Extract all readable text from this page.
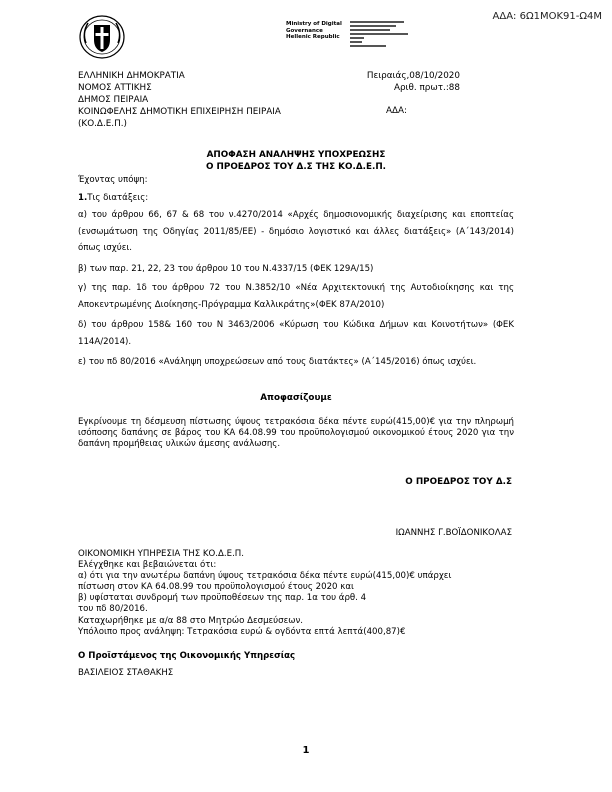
ΑΔΑ: 6Ω1ΜΟΚ91-Ω4Μ
Ministry of Digital
Governance
Hellenic Republic
ΕΛΛΗΝΙΚΗ ΔΗΜΟΚΡΑΤΙΑ
ΝΟΜΟΣ ΑΤΤΙΚΗΣ
ΔΗΜΟΣ ΠΕΙΡΑΙΑ
ΚΟΙΝΩΦΕΛΗΣ ΔΗΜΟΤΙΚΗ ΕΠΙΧΕΙΡΗΣΗ ΠΕΙΡΑΙΑ
(ΚΟ.Δ.Ε.Π.)
Πειραιάς,08/10/2020
Αριθ. πρωτ.:88
ΑΔΑ:
ΑΠΟΦΑΣΗ ΑΝΑΛΗΨΗΣ ΥΠΟΧΡΕΩΣΗΣ
Ο ΠΡΟΕΔΡΟΣ ΤΟΥ Δ.Σ ΤΗΣ ΚΟ.Δ.Ε.Π.
Έχοντας υπόψη:
1.Τις διατάξεις:
α) του άρθρου 66, 67 & 68 του ν.4270/2014 «Αρχές δημοσιονομικής διαχείρισης και εποπτείας (ενσωμάτωση της Οδηγίας 2011/85/ΕΕ) - δημόσιο λογιστικό και άλλες διατάξεις» (Α΄143/2014) όπως ισχύει.
β) των παρ. 21, 22, 23 του άρθρου 10 του Ν.4337/15 (ΦΕΚ 129Α/15)
γ) της παρ. 1δ του άρθρου 72 του Ν.3852/10 «Νέα Αρχιτεκτονική της Αυτοδιοίκησης και της Αποκεντρωμένης Διοίκησης-Πρόγραμμα Καλλικράτης»(ΦΕΚ 87Α/2010)
δ) του άρθρου 158& 160 του Ν 3463/2006 «Κύρωση του Κώδικα Δήμων και Κοινοτήτων» (ΦΕΚ 114Α/2014).
ε) του πδ 80/2016 «Ανάληψη υποχρεώσεων από τους διατάκτες» (Α΄145/2016) όπως ισχύει.
Αποφασίζουμε
Εγκρίνουμε τη δέσμευση πίστωσης ύψους τετρακόσια δέκα πέντε ευρώ(415,00)€ για την πληρωμή ισόποσης δαπάνης σε βάρος του ΚΑ 64.08.99 του προϋπολογισμού οικονομικού έτους 2020 για την δαπάνη προμήθειας υλικών άμεσης ανάλωσης.
Ο ΠΡΟΕΔΡΟΣ ΤΟΥ Δ.Σ
ΙΩΑΝΝΗΣ Γ.ΒΟΪΔΟΝΙΚΟΛΑΣ
ΟΙΚΟΝΟΜΙΚΗ ΥΠΗΡΕΣΙΑ ΤΗΣ ΚΟ.Δ.Ε.Π.
Ελέγχθηκε και βεβαιώνεται ότι:
α) ότι για την ανωτέρω δαπάνη ύψους τετρακόσια δέκα πέντε ευρώ(415,00)€ υπάρχει
πίστωση στον ΚΑ 64.08.99 του προϋπολογισμού έτους 2020 και
β) υφίσταται συνδρομή των προϋποθέσεων της παρ. 1α του άρθ. 4
του πδ 80/2016.
Καταχωρήθηκε με α/α 88 στο Μητρώο Δεσμεύσεων.
Υπόλοιπο προς ανάληψη: Τετρακόσια ευρώ & ογδόντα επτά λεπτά(400,87)€
Ο Προϊστάμενος της Οικονομικής Υπηρεσίας
ΒΑΣΙΛΕΙΟΣ ΣΤΑΘΑΚΗΣ
1
